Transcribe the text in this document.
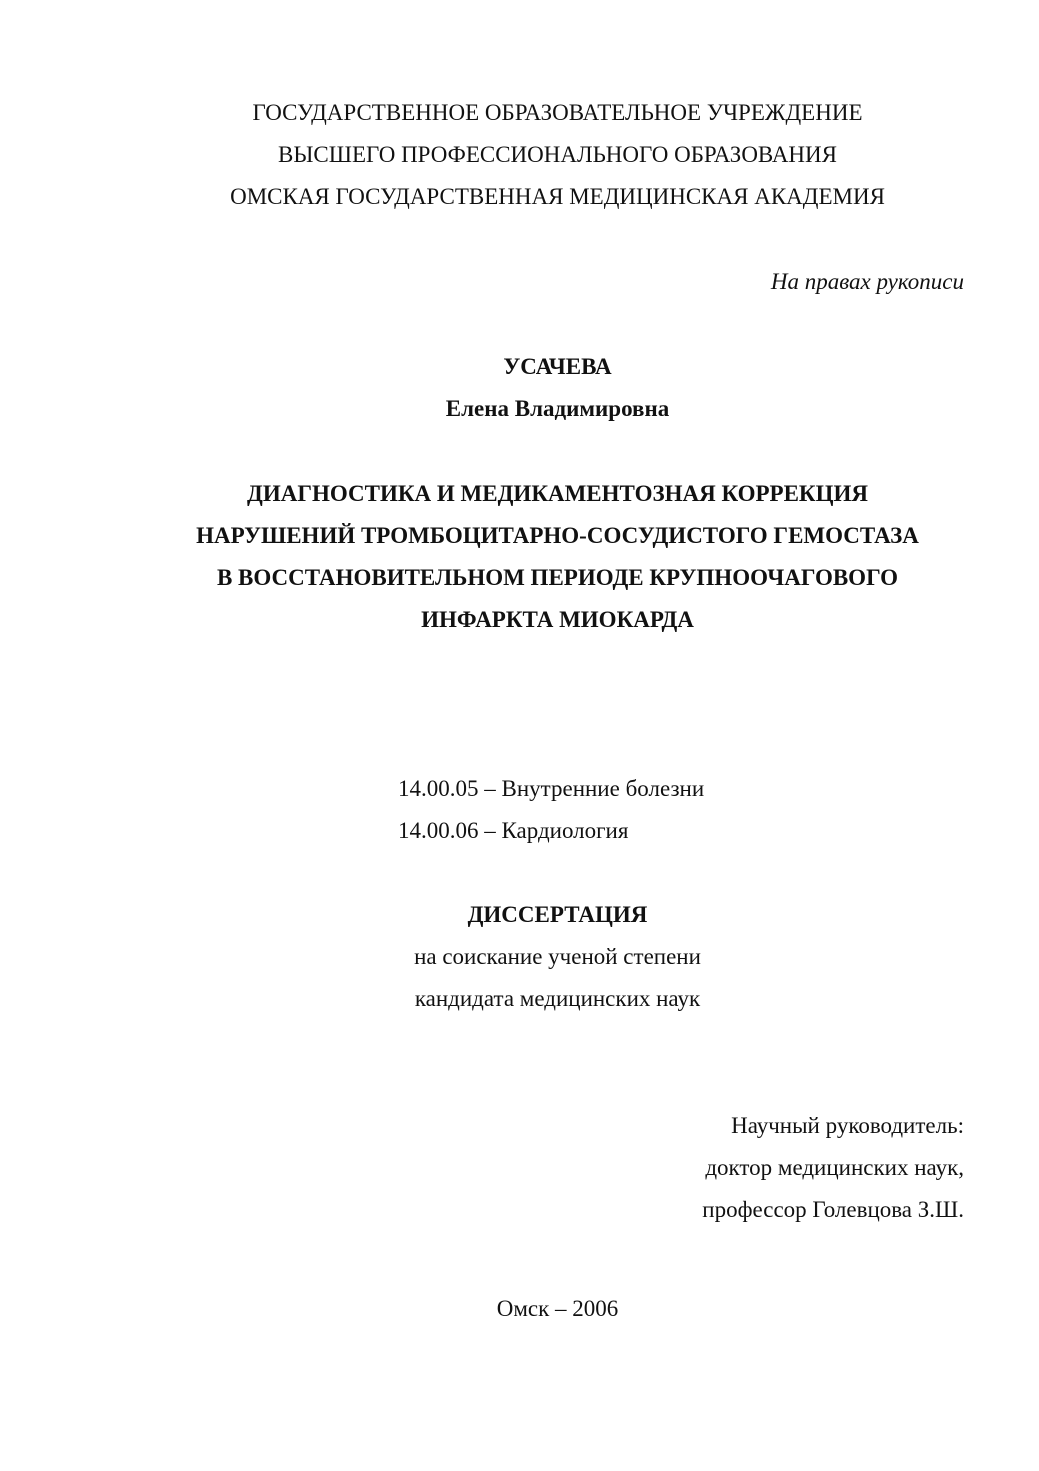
ГОСУДАРСТВЕННОЕ ОБРАЗОВАТЕЛЬНОЕ УЧРЕЖДЕНИЕ
ВЫСШЕГО ПРОФЕССИОНАЛЬНОГО ОБРАЗОВАНИЯ
ОМСКАЯ ГОСУДАРСТВЕННАЯ МЕДИЦИНСКАЯ АКАДЕМИЯ
На правах рукописи
УСАЧЕВА
Елена Владимировна
ДИАГНОСТИКА И МЕДИКАМЕНТОЗНАЯ КОРРЕКЦИЯ
НАРУШЕНИЙ ТРОМБОЦИТАРНО-СОСУДИСТОГО ГЕМОСТАЗА
В ВОССТАНОВИТЕЛЬНОМ ПЕРИОДЕ КРУПНООЧАГОВОГО
ИНФАРКТА МИОКАРДА
14.00.05 – Внутренние болезни
14.00.06 – Кардиология
ДИССЕРТАЦИЯ
на соискание ученой степени
кандидата медицинских наук
Научный руководитель:
доктор медицинских наук,
профессор Голевцова З.Ш.
Омск – 2006
